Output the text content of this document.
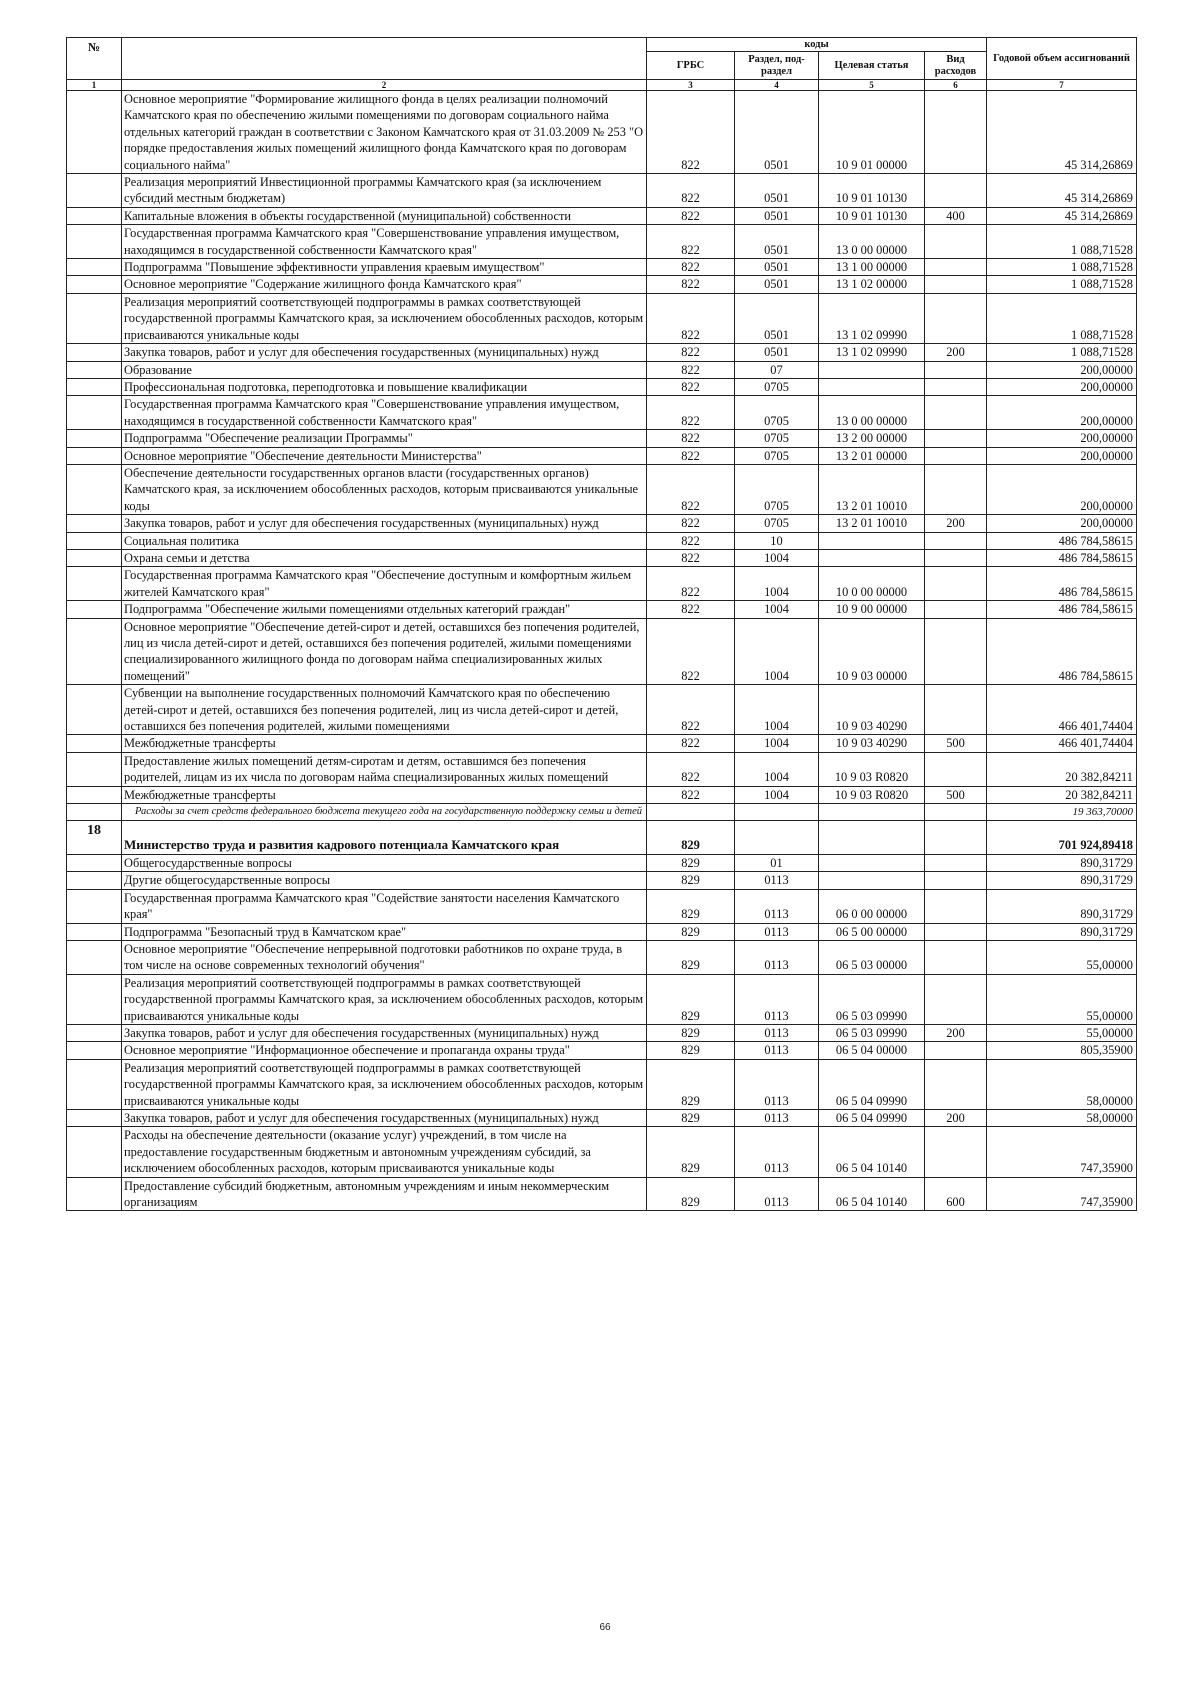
№		коды				Годовой объем ассигнований
		ГРБС	Раздел, под-раздел	Целевая статья	Вид расходов	
1	2	3	4	5	6	7
	Основное мероприятие "Формирование жилищного фонда в целях реализации полномочий Камчатского края по обеспечению жилыми помещениями по договорам социального найма отдельных категорий граждан в соответствии с Законом Камчатского края от 31.03.2009 № 253 "О порядке предоставления жилых помещений жилищного фонда Камчатского края по договорам социального найма"	822	0501	10 9 01 00000		45 314,26869
	Реализация мероприятий Инвестиционной программы Камчатского края (за исключением субсидий местным бюджетам)	822	0501	10 9 01 10130		45 314,26869
	Капитальные вложения в объекты государственной (муниципальной) собственности	822	0501	10 9 01 10130	400	45 314,26869
	Государственная программа Камчатского края "Совершенствование управления имуществом, находящимся в государственной собственности Камчатского края"	822	0501	13 0 00 00000		1 088,71528
	Подпрограмма "Повышение эффективности управления краевым имуществом"	822	0501	13 1 00 00000		1 088,71528
	Основное мероприятие "Содержание жилищного фонда Камчатского края"	822	0501	13 1 02 00000		1 088,71528
	Реализация мероприятий соответствующей подпрограммы в рамках соответствующей государственной программы Камчатского края, за исключением обособленных расходов, которым присваиваются уникальные коды	822	0501	13 1 02 09990		1 088,71528
	Закупка товаров, работ и услуг для обеспечения государственных (муниципальных) нужд	822	0501	13 1 02 09990	200	1 088,71528
	Образование	822	07			200,00000
	Профессиональная подготовка, переподготовка и повышение квалификации	822	0705			200,00000
	Государственная программа Камчатского края "Совершенствование управления имуществом, находящимся в государственной собственности Камчатского края"	822	0705	13 0 00 00000		200,00000
	Подпрограмма "Обеспечение реализации Программы"	822	0705	13 2 00 00000		200,00000
	Основное мероприятие "Обеспечение деятельности Министерства"	822	0705	13 2 01 00000		200,00000
	Обеспечение деятельности государственных органов власти (государственных органов) Камчатского края, за исключением обособленных расходов, которым присваиваются уникальные коды	822	0705	13 2 01 10010		200,00000
	Закупка товаров, работ и услуг для обеспечения государственных (муниципальных) нужд	822	0705	13 2 01 10010	200	200,00000
	Социальная политика	822	10			486 784,58615
	Охрана семьи и детства	822	1004			486 784,58615
	Государственная программа Камчатского края "Обеспечение доступным и комфортным жильем жителей Камчатского края"	822	1004	10 0 00 00000		486 784,58615
	Подпрограмма "Обеспечение жилыми помещениями отдельных категорий граждан"	822	1004	10 9 00 00000		486 784,58615
	Основное мероприятие "Обеспечение детей-сирот и детей, оставшихся без попечения родителей, лиц из числа детей-сирот и детей, оставшихся без попечения родителей, жилыми помещениями специализированного жилищного фонда по договорам найма специализированных жилых помещений"	822	1004	10 9 03 00000		486 784,58615
	Субвенции на выполнение государственных полномочий Камчатского края по обеспечению детей-сирот и детей, оставшихся без попечения родителей, лиц из числа детей-сирот и детей, оставшихся без попечения родителей, жилыми помещениями	822	1004	10 9 03 40290		466 401,74404
	Межбюджетные трансферты	822	1004	10 9 03 40290	500	466 401,74404
	Предоставление жилых помещений детям-сиротам и детям, оставшимся без попечения родителей, лицам из их числа по договорам найма специализированных жилых помещений	822	1004	10 9 03 R0820		20 382,84211
	Межбюджетные трансферты	822	1004	10 9 03 R0820	500	20 382,84211
	Расходы за счет средств федерального бюджета текущего года на государственную поддержку семьи и детей					19 363,70000
18	Министерство труда и развития кадрового потенциала Камчатского края	829				701 924,89418
	Общегосударственные вопросы	829	01			890,31729
	Другие общегосударственные вопросы	829	0113			890,31729
	Государственная программа Камчатского края "Содействие занятости населения Камчатского края"	829	0113	06 0 00 00000		890,31729
	Подпрограмма "Безопасный труд в Камчатском крае"	829	0113	06 5 00 00000		890,31729
	Основное мероприятие "Обеспечение непрерывной подготовки работников по охране труда, в том числе на основе современных технологий обучения"	829	0113	06 5 03 00000		55,00000
	Реализация мероприятий соответствующей подпрограммы в рамках соответствующей государственной программы Камчатского края, за исключением обособленных расходов, которым присваиваются уникальные коды	829	0113	06 5 03 09990		55,00000
	Закупка товаров, работ и услуг для обеспечения государственных (муниципальных) нужд	829	0113	06 5 03 09990	200	55,00000
	Основное мероприятие "Информационное обеспечение и пропаганда охраны труда"	829	0113	06 5 04 00000		805,35900
	Реализация мероприятий соответствующей подпрограммы в рамках соответствующей государственной программы Камчатского края, за исключением обособленных расходов, которым присваиваются уникальные коды	829	0113	06 5 04 09990		58,00000
	Закупка товаров, работ и услуг для обеспечения государственных (муниципальных) нужд	829	0113	06 5 04 09990	200	58,00000
	Расходы на обеспечение деятельности (оказание услуг) учреждений, в том числе на предоставление государственным бюджетным и автономным учреждениям субсидий, за исключением обособленных расходов, которым присваиваются уникальные коды	829	0113	06 5 04 10140		747,35900
	Предоставление субсидий бюджетным, автономным учреждениям и иным некоммерческим организациям	829	0113	06 5 04 10140	600	747,35900
66
